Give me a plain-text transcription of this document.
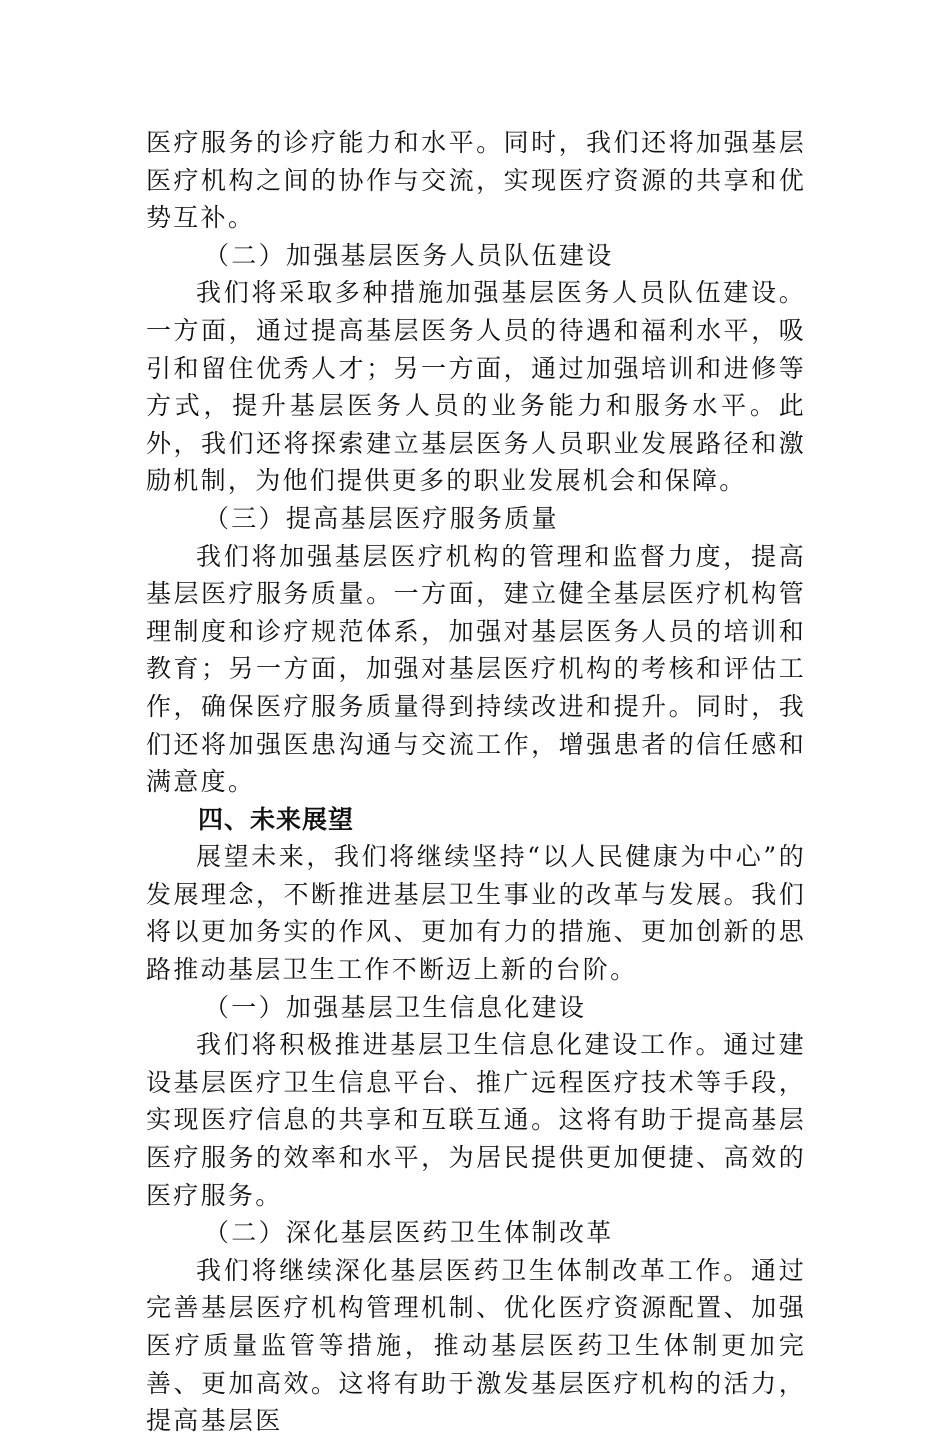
医疗服务的诊疗能力和水平。同时，我们还将加强基层医疗机构之间的协作与交流，实现医疗资源的共享和优势互补。

（二）加强基层医务人员队伍建设

我们将采取多种措施加强基层医务人员队伍建设。一方面，通过提高基层医务人员的待遇和福利水平，吸引和留住优秀人才；另一方面，通过加强培训和进修等方式，提升基层医务人员的业务能力和服务水平。此外，我们还将探索建立基层医务人员职业发展路径和激励机制，为他们提供更多的职业发展机会和保障。

（三）提高基层医疗服务质量

我们将加强基层医疗机构的管理和监督力度，提高基层医疗服务质量。一方面，建立健全基层医疗机构管理制度和诊疗规范体系，加强对基层医务人员的培训和教育；另一方面，加强对基层医疗机构的考核和评估工作，确保医疗服务质量得到持续改进和提升。同时，我们还将加强医患沟通与交流工作，增强患者的信任感和满意度。

四、未来展望

展望未来，我们将继续坚持“以人民健康为中心”的发展理念，不断推进基层卫生事业的改革与发展。我们将以更加务实的作风、更加有力的措施、更加创新的思路推动基层卫生工作不断迈上新的台阶。

（一）加强基层卫生信息化建设

我们将积极推进基层卫生信息化建设工作。通过建设基层医疗卫生信息平台、推广远程医疗技术等手段，实现医疗信息的共享和互联互通。这将有助于提高基层医疗服务的效率和水平，为居民提供更加便捷、高效的医疗服务。

（二）深化基层医药卫生体制改革

我们将继续深化基层医药卫生体制改革工作。通过完善基层医疗机构管理机制、优化医疗资源配置、加强医疗质量监管等措施，推动基层医药卫生体制更加完善、更加高效。这将有助于激发基层医疗机构的活力，提高基层医
